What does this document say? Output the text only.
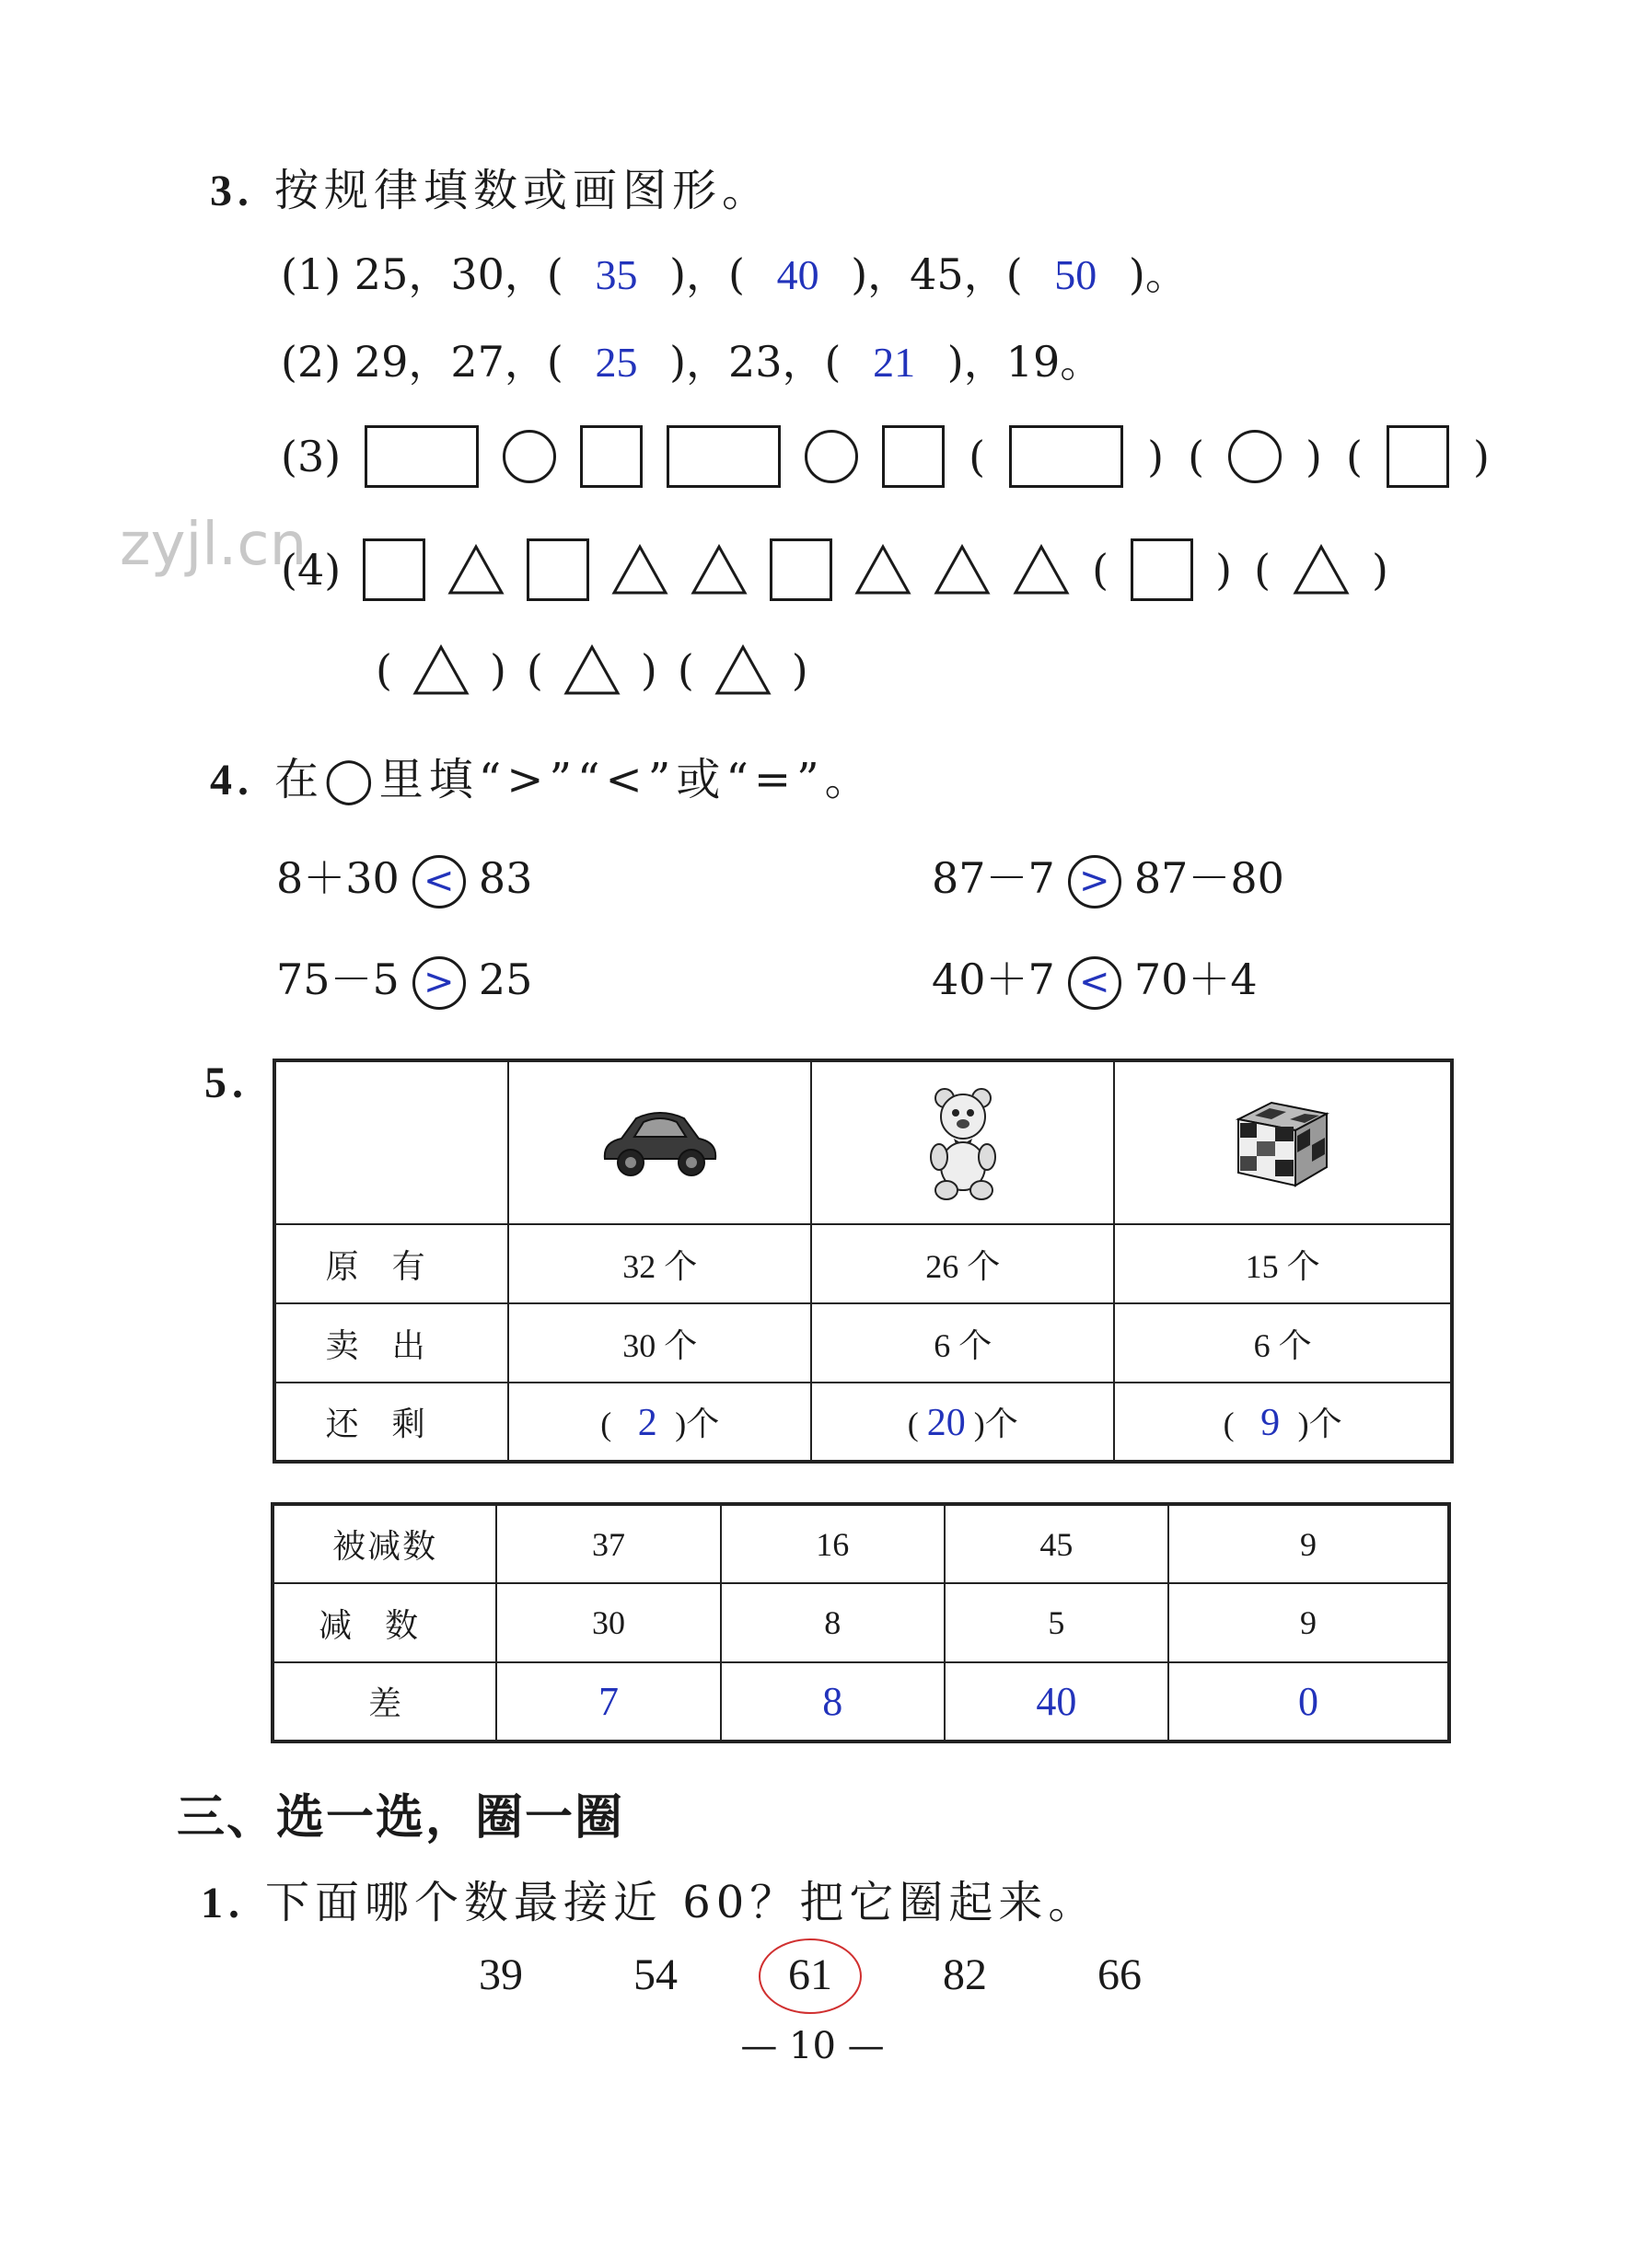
zyjl.cn
3. 按规律填数或画图形。
(1) 25，30，( 35 )，( 40 )，45，( 50 )。
(2) 29，27，( 25 )，23，( 21 )，19。
(3)	(	) ( ) (	)
(4)	(	) ( )
( ) ( ) ( )
4. 在◯里填“>”“<”或“=”。
8＋30 < 83	87－7 > 87－80
75－5 > 25	40＋7 < 70＋4
5.

原有	32 个	26 个	15 个
卖出	30 个	6 个	6 个
还剩	( 2 )个	( 20 )个	( 9 )个
被减数	37	16	45	9
减数	30	8	5	9
差	7	8	40	0
三、选一选，圈一圈
1. 下面哪个数最接近 60？把它圈起来。
39	54	61	82	66
— 10 —
